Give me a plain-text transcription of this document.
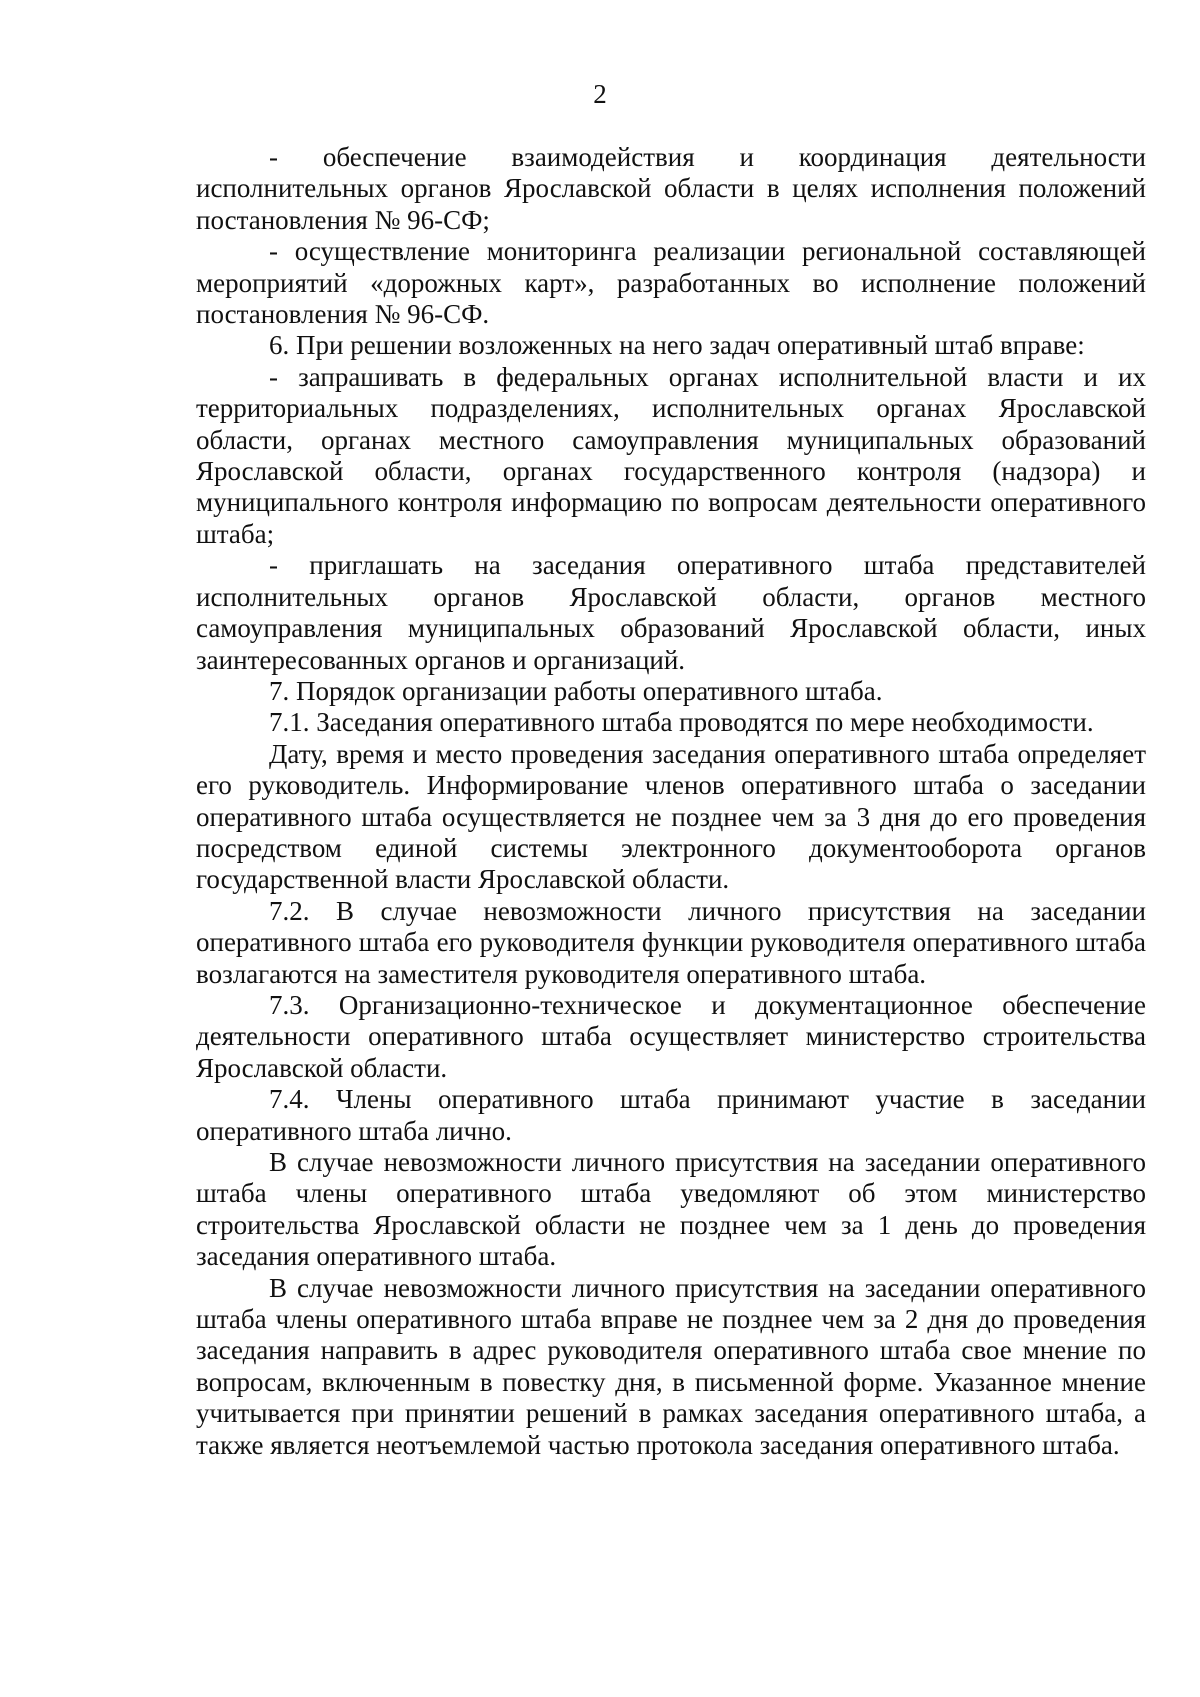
2

- обеспечение взаимодействия и координация деятельности исполнительных органов Ярославской области в целях исполнения положений постановления № 96-СФ;

- осуществление мониторинга реализации региональной составляющей мероприятий «дорожных карт», разработанных во исполнение положений постановления № 96-СФ.

6. При решении возложенных на него задач оперативный штаб вправе:

- запрашивать в федеральных органах исполнительной власти и их территориальных подразделениях, исполнительных органах Ярославской области, органах местного самоуправления муниципальных образований Ярославской области, органах государственного контроля (надзора) и муниципального контроля информацию по вопросам деятельности оперативного штаба;

- приглашать на заседания оперативного штаба представителей исполнительных органов Ярославской области, органов местного самоуправления муниципальных образований Ярославской области, иных заинтересованных органов и организаций.

7. Порядок организации работы оперативного штаба.

7.1. Заседания оперативного штаба проводятся по мере необходимости.

Дату, время и место проведения заседания оперативного штаба определяет его руководитель. Информирование членов оперативного штаба о заседании оперативного штаба осуществляется не позднее чем за 3 дня до его проведения посредством единой системы электронного документооборота органов государственной власти Ярославской области.

7.2. В случае невозможности личного присутствия на заседании оперативного штаба его руководителя функции руководителя оперативного штаба возлагаются на заместителя руководителя оперативного штаба.

7.3. Организационно-техническое и документационное обеспечение деятельности оперативного штаба осуществляет министерство строительства Ярославской области.

7.4. Члены оперативного штаба принимают участие в заседании оперативного штаба лично.

В случае невозможности личного присутствия на заседании оперативного штаба члены оперативного штаба уведомляют об этом министерство строительства Ярославской области не позднее чем за 1 день до проведения заседания оперативного штаба.

В случае невозможности личного присутствия на заседании оперативного штаба члены оперативного штаба вправе не позднее чем за 2 дня до проведения заседания направить в адрес руководителя оперативного штаба свое мнение по вопросам, включенным в повестку дня, в письменной форме. Указанное мнение учитывается при принятии решений в рамках заседания оперативного штаба, а также является неотъемлемой частью протокола заседания оперативного штаба.
